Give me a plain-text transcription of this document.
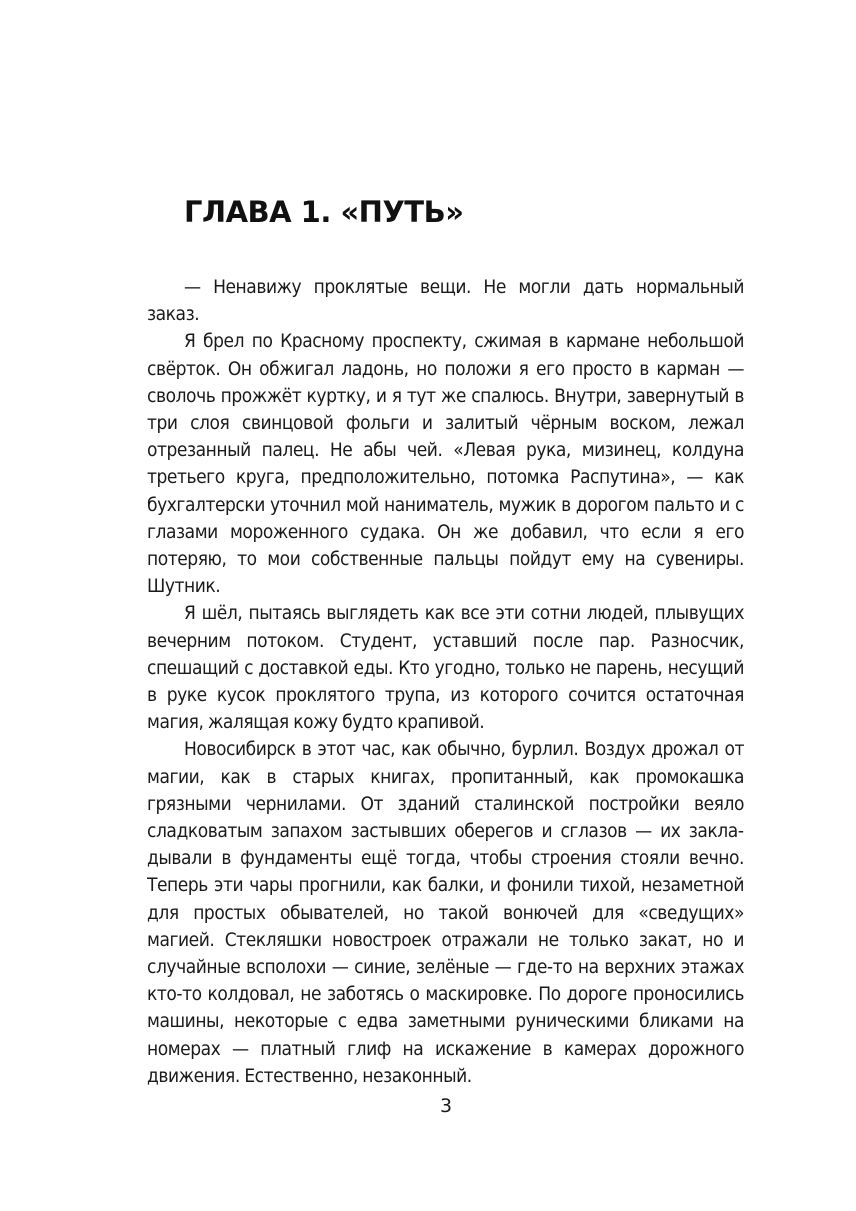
ГЛАВА 1. «ПУТЬ»

— Ненавижу проклятые вещи. Не могли дать нормальный заказ.

Я брел по Красному проспекту, сжимая в кармане небольшой свёрток. Он обжигал ладонь, но положи я его просто в карман — сволочь прожжёт куртку, и я тут же спалюсь. Внутри, завернутый в три слоя свинцовой фольги и залитый чёрным воском, лежал отрезанный палец. Не абы чей. «Левая рука, мизинец, колдуна третьего круга, предположительно, потомка Распутина», — как бухгалтерски уточнил мой наниматель, мужик в дорогом пальто и с глазами мороженного судака. Он же добавил, что если я его потеряю, то мои собственные пальцы пойдут ему на сувениры. Шутник.

Я шёл, пытаясь выглядеть как все эти сотни людей, плывущих вечерним потоком. Студент, уставший после пар. Разносчик, спешащий с доставкой еды. Кто угодно, только не парень, несущий в руке кусок проклятого трупа, из которого сочится остаточная магия, жалящая кожу будто крапивой.

Новосибирск в этот час, как обычно, бурлил. Воздух дрожал от магии, как в старых книгах, пропитанный, как промокашка грязными чернилами. От зданий сталинской постройки веяло сладковатым запахом застывших оберегов и сглазов — их закладывали в фундаменты ещё тогда, чтобы строения стояли вечно. Теперь эти чары прогнили, как балки, и фонили тихой, незаметной для простых обывателей, но такой вонючей для «сведущих» магией. Стекляшки новостроек отражали не только закат, но и случайные всполохи — синие, зелёные — где-то на верхних этажах кто-то колдовал, не заботясь о маскировке. По дороге проносились машины, некоторые с едва заметными руническими бликами на номерах — платный глиф на искажение в камерах дорожного движения. Естественно, незаконный.

3
